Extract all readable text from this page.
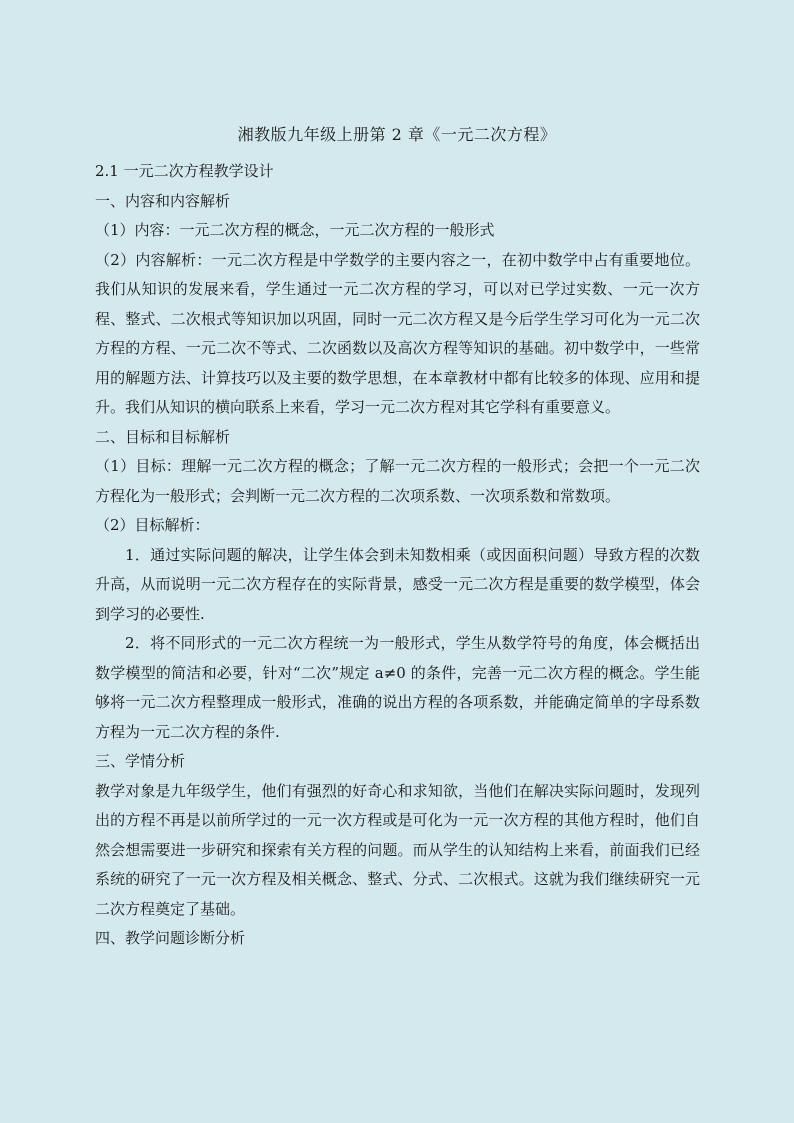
湘教版九年级上册第 2 章《一元二次方程》

2.1 一元二次方程教学设计

一、内容和内容解析

（1）内容：一元二次方程的概念，一元二次方程的一般形式

（2）内容解析：一元二次方程是中学数学的主要内容之一，在初中数学中占有重要地位。我们从知识的发展来看，学生通过一元二次方程的学习，可以对已学过实数、一元一次方程、整式、二次根式等知识加以巩固，同时一元二次方程又是今后学生学习可化为一元二次方程的方程、一元二次不等式、二次函数以及高次方程等知识的基础。初中数学中，一些常用的解题方法、计算技巧以及主要的数学思想，在本章教材中都有比较多的体现、应用和提升。我们从知识的横向联系上来看，学习一元二次方程对其它学科有重要意义。

二、目标和目标解析

（1）目标：理解一元二次方程的概念；了解一元二次方程的一般形式；会把一个一元二次方程化为一般形式；会判断一元二次方程的二次项系数、一次项系数和常数项。

（2）目标解析：

1．通过实际问题的解决，让学生体会到未知数相乘（或因面积问题）导致方程的次数升高，从而说明一元二次方程存在的实际背景，感受一元二次方程是重要的数学模型，体会到学习的必要性.

2．将不同形式的一元二次方程统一为一般形式，学生从数学符号的角度，体会概括出数学模型的简洁和必要，针对“二次”规定 a≠0 的条件，完善一元二次方程的概念。学生能够将一元二次方程整理成一般形式，准确的说出方程的各项系数，并能确定简单的字母系数方程为一元二次方程的条件.

三、学情分析

教学对象是九年级学生，他们有强烈的好奇心和求知欲，当他们在解决实际问题时，发现列出的方程不再是以前所学过的一元一次方程或是可化为一元一次方程的其他方程时，他们自然会想需要进一步研究和探索有关方程的问题。而从学生的认知结构上来看，前面我们已经系统的研究了一元一次方程及相关概念、整式、分式、二次根式。这就为我们继续研究一元二次方程奠定了基础。

四、教学问题诊断分析
